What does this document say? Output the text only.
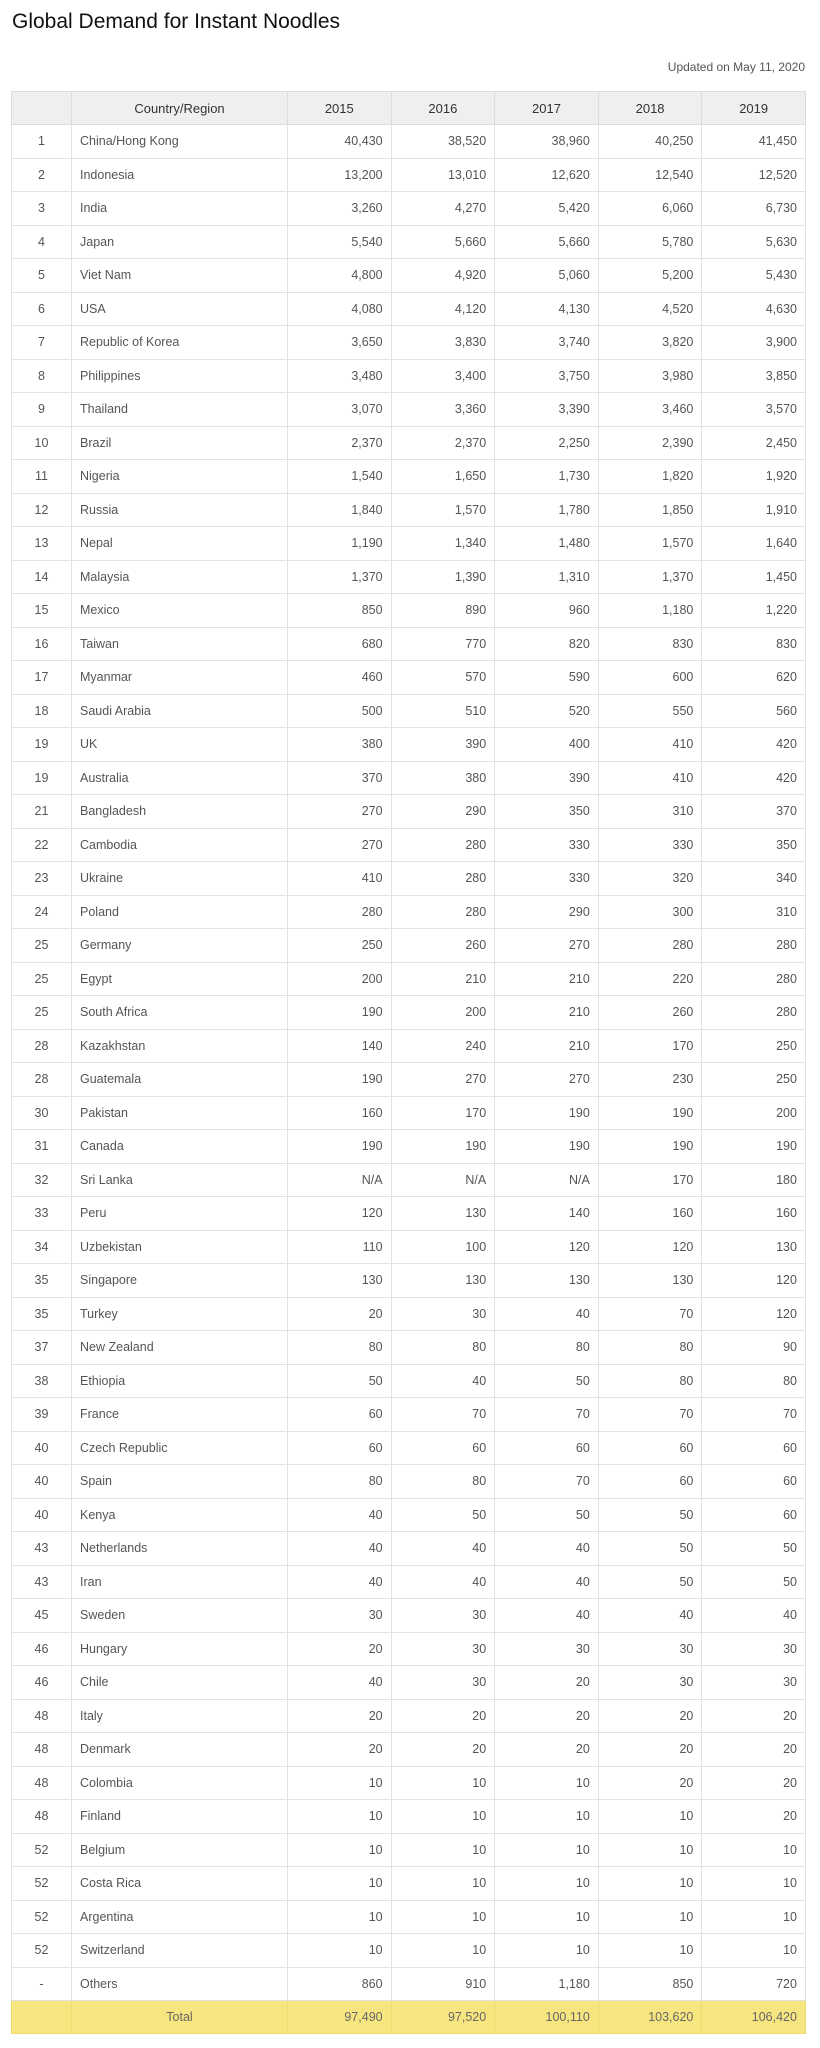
Global Demand for Instant Noodles
Updated on May 11, 2020
	Country/Region	2015	2016	2017	2018	2019
1	China/Hong Kong	40,430	38,520	38,960	40,250	41,450
2	Indonesia	13,200	13,010	12,620	12,540	12,520
3	India	3,260	4,270	5,420	6,060	6,730
4	Japan	5,540	5,660	5,660	5,780	5,630
5	Viet Nam	4,800	4,920	5,060	5,200	5,430
6	USA	4,080	4,120	4,130	4,520	4,630
7	Republic of Korea	3,650	3,830	3,740	3,820	3,900
8	Philippines	3,480	3,400	3,750	3,980	3,850
9	Thailand	3,070	3,360	3,390	3,460	3,570
10	Brazil	2,370	2,370	2,250	2,390	2,450
11	Nigeria	1,540	1,650	1,730	1,820	1,920
12	Russia	1,840	1,570	1,780	1,850	1,910
13	Nepal	1,190	1,340	1,480	1,570	1,640
14	Malaysia	1,370	1,390	1,310	1,370	1,450
15	Mexico	850	890	960	1,180	1,220
16	Taiwan	680	770	820	830	830
17	Myanmar	460	570	590	600	620
18	Saudi Arabia	500	510	520	550	560
19	UK	380	390	400	410	420
19	Australia	370	380	390	410	420
21	Bangladesh	270	290	350	310	370
22	Cambodia	270	280	330	330	350
23	Ukraine	410	280	330	320	340
24	Poland	280	280	290	300	310
25	Germany	250	260	270	280	280
25	Egypt	200	210	210	220	280
25	South Africa	190	200	210	260	280
28	Kazakhstan	140	240	210	170	250
28	Guatemala	190	270	270	230	250
30	Pakistan	160	170	190	190	200
31	Canada	190	190	190	190	190
32	Sri Lanka	N/A	N/A	N/A	170	180
33	Peru	120	130	140	160	160
34	Uzbekistan	110	100	120	120	130
35	Singapore	130	130	130	130	120
35	Turkey	20	30	40	70	120
37	New Zealand	80	80	80	80	90
38	Ethiopia	50	40	50	80	80
39	France	60	70	70	70	70
40	Czech Republic	60	60	60	60	60
40	Spain	80	80	70	60	60
40	Kenya	40	50	50	50	60
43	Netherlands	40	40	40	50	50
43	Iran	40	40	40	50	50
45	Sweden	30	30	40	40	40
46	Hungary	20	30	30	30	30
46	Chile	40	30	20	30	30
48	Italy	20	20	20	20	20
48	Denmark	20	20	20	20	20
48	Colombia	10	10	10	20	20
48	Finland	10	10	10	10	20
52	Belgium	10	10	10	10	10
52	Costa Rica	10	10	10	10	10
52	Argentina	10	10	10	10	10
52	Switzerland	10	10	10	10	10
-	Others	860	910	1,180	850	720
	Total	97,490	97,520	100,110	103,620	106,420
